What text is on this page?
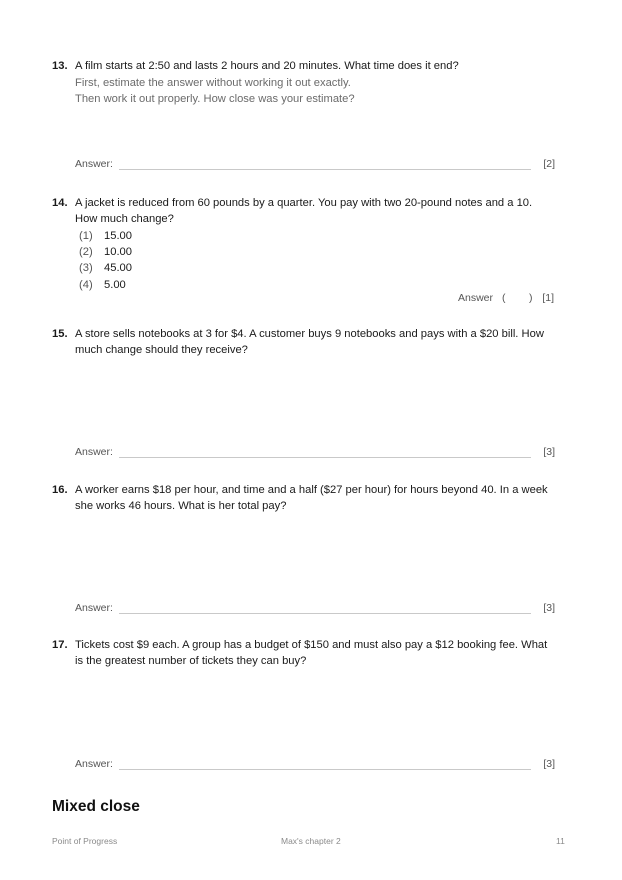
13. A film starts at 2:50 and lasts 2 hours and 20 minutes. What time does it end?
First, estimate the answer without working it out exactly.
Then work it out properly. How close was your estimate?
Answer:	[2]
14. A jacket is reduced from 60 pounds by a quarter. You pay with two 20-pound notes and a 10.
How much change?
(1)	15.00
(2)	10.00
(3)	45.00
(4)	5.00
Answer ( ) [1]
15. A store sells notebooks at 3 for $4. A customer buys 9 notebooks and pays with a $20 bill. How
much change should they receive?
Answer:	[3]
16. A worker earns $18 per hour, and time and a half ($27 per hour) for hours beyond 40. In a week
she works 46 hours. What is her total pay?
Answer:	[3]
17. Tickets cost $9 each. A group has a budget of $150 and must also pay a $12 booking fee. What
is the greatest number of tickets they can buy?
Answer:	[3]
Mixed close
Point of Progress	Max's chapter 2	11
